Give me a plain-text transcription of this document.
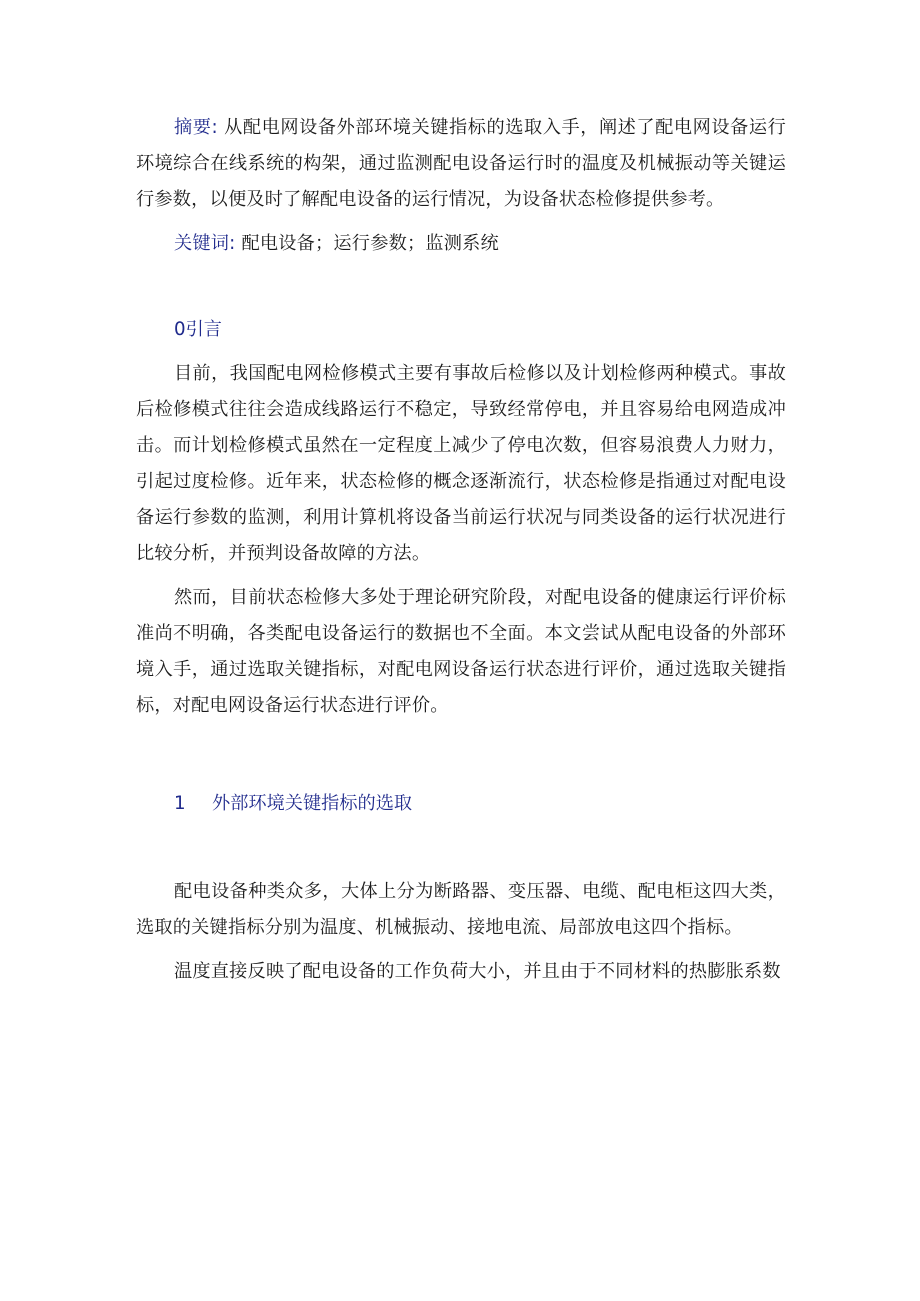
摘要: 从配电网设备外部环境关键指标的选取入手，阐述了配电网设备运行环境综合在线系统的构架，通过监测配电设备运行时的温度及机械振动等关键运行参数，以便及时了解配电设备的运行情况，为设备状态检修提供参考。

关键词: 配电设备；运行参数；监测系统

0引言

目前，我国配电网检修模式主要有事故后检修以及计划检修两种模式。事故后检修模式往往会造成线路运行不稳定，导致经常停电，并且容易给电网造成冲击。而计划检修模式虽然在一定程度上减少了停电次数，但容易浪费人力财力，引起过度检修。近年来，状态检修的概念逐渐流行，状态检修是指通过对配电设备运行参数的监测，利用计算机将设备当前运行状况与同类设备的运行状况进行比较分析，并预判设备故障的方法。

然而，目前状态检修大多处于理论研究阶段，对配电设备的健康运行评价标准尚不明确，各类配电设备运行的数据也不全面。本文尝试从配电设备的外部环境入手，通过选取关键指标，对配电网设备运行状态进行评价，通过选取关键指标，对配电网设备运行状态进行评价。

1 外部环境关键指标的选取

配电设备种类众多，大体上分为断路器、变压器、电缆、配电柜这四大类，选取的关键指标分别为温度、机械振动、接地电流、局部放电这四个指标。

温度直接反映了配电设备的工作负荷大小，并且由于不同材料的热膨胀系数
